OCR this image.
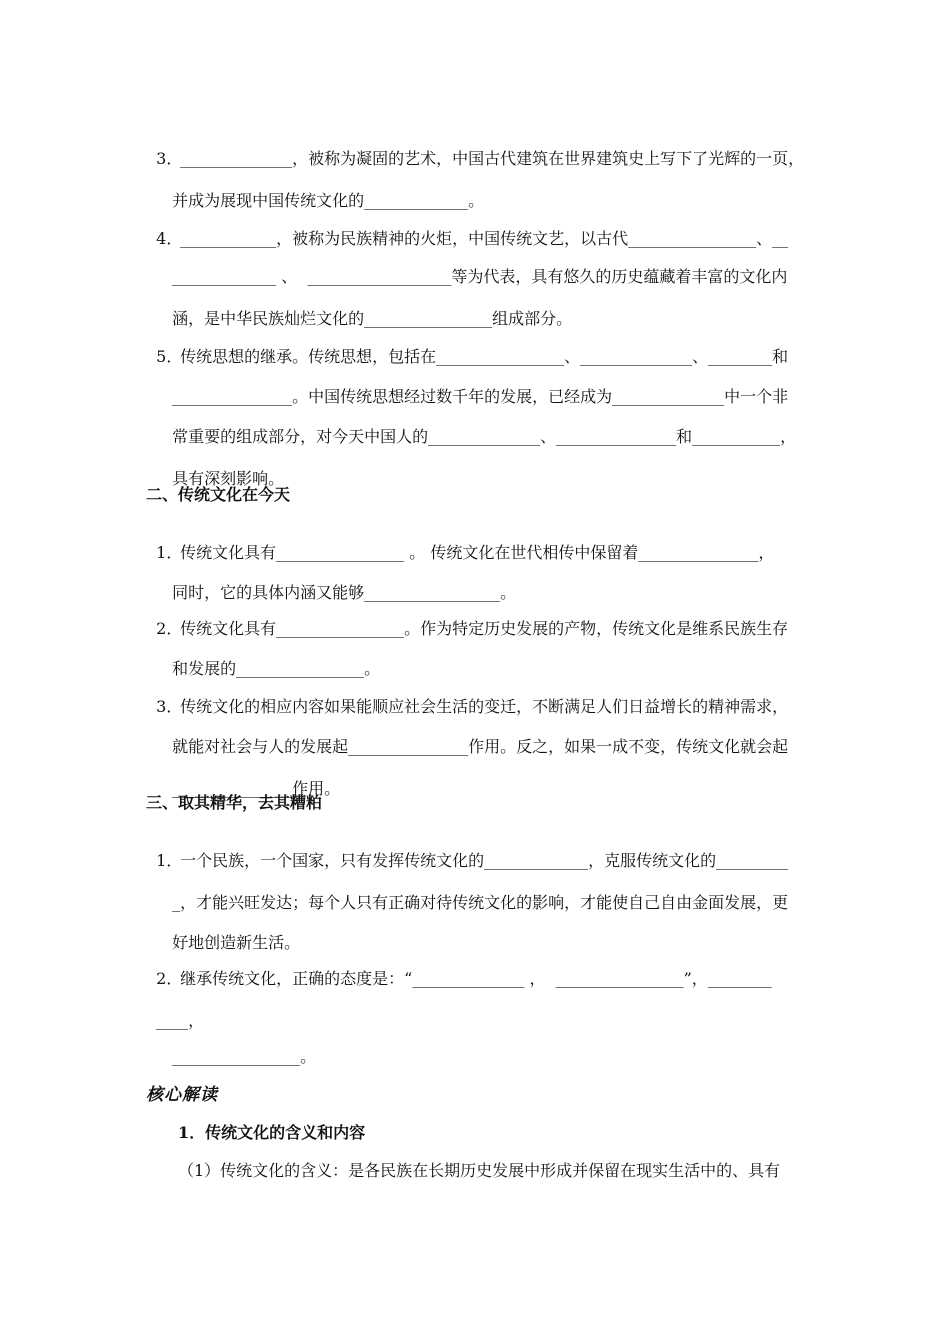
3．______________，被称为凝固的艺术，中国古代建筑在世界建筑史上写下了光辉的一页，

并成为展现中国传统文化的_____________。

4．____________，被称为民族精神的火炬，中国传统文艺，以古代________________、__

_____________ 、  __________________等为代表，具有悠久的历史蕴藏着丰富的文化内

涵，是中华民族灿烂文化的________________组成部分。

5．传统思想的继承。传统思想，包括在________________、______________、________和

_______________。中国传统思想经过数千年的发展，已经成为______________中一个非

常重要的组成部分，对今天中国人的______________、_______________和___________，

具有深刻影响。

二、传统文化在今天

1．传统文化具有________________ 。 传统文化在世代相传中保留着_______________，

同时，它的具体内涵又能够_________________。

2．传统文化具有________________。作为特定历史发展的产物，传统文化是维系民族生存

和发展的________________。

3．传统文化的相应内容如果能顺应社会生活的变迁，不断满足人们日益增长的精神需求，

就能对社会与人的发展起_______________作用。反之，如果一成不变，传统文化就会起

_______________作用。

三、取其精华，去其糟粕

1．一个民族，一个国家，只有发挥传统文化的_____________，克服传统文化的_________

_，才能兴旺发达；每个人只有正确对待传统文化的影响，才能使自己自由金面发展，更

好地创造新生活。

2．继承传统文化，正确的态度是：“______________ ，  ________________”，________

____，

________________。

核心解读
1．传统文化的含义和内容
（1）传统文化的含义：是各民族在长期历史发展中形成并保留在现实生活中的、具有
